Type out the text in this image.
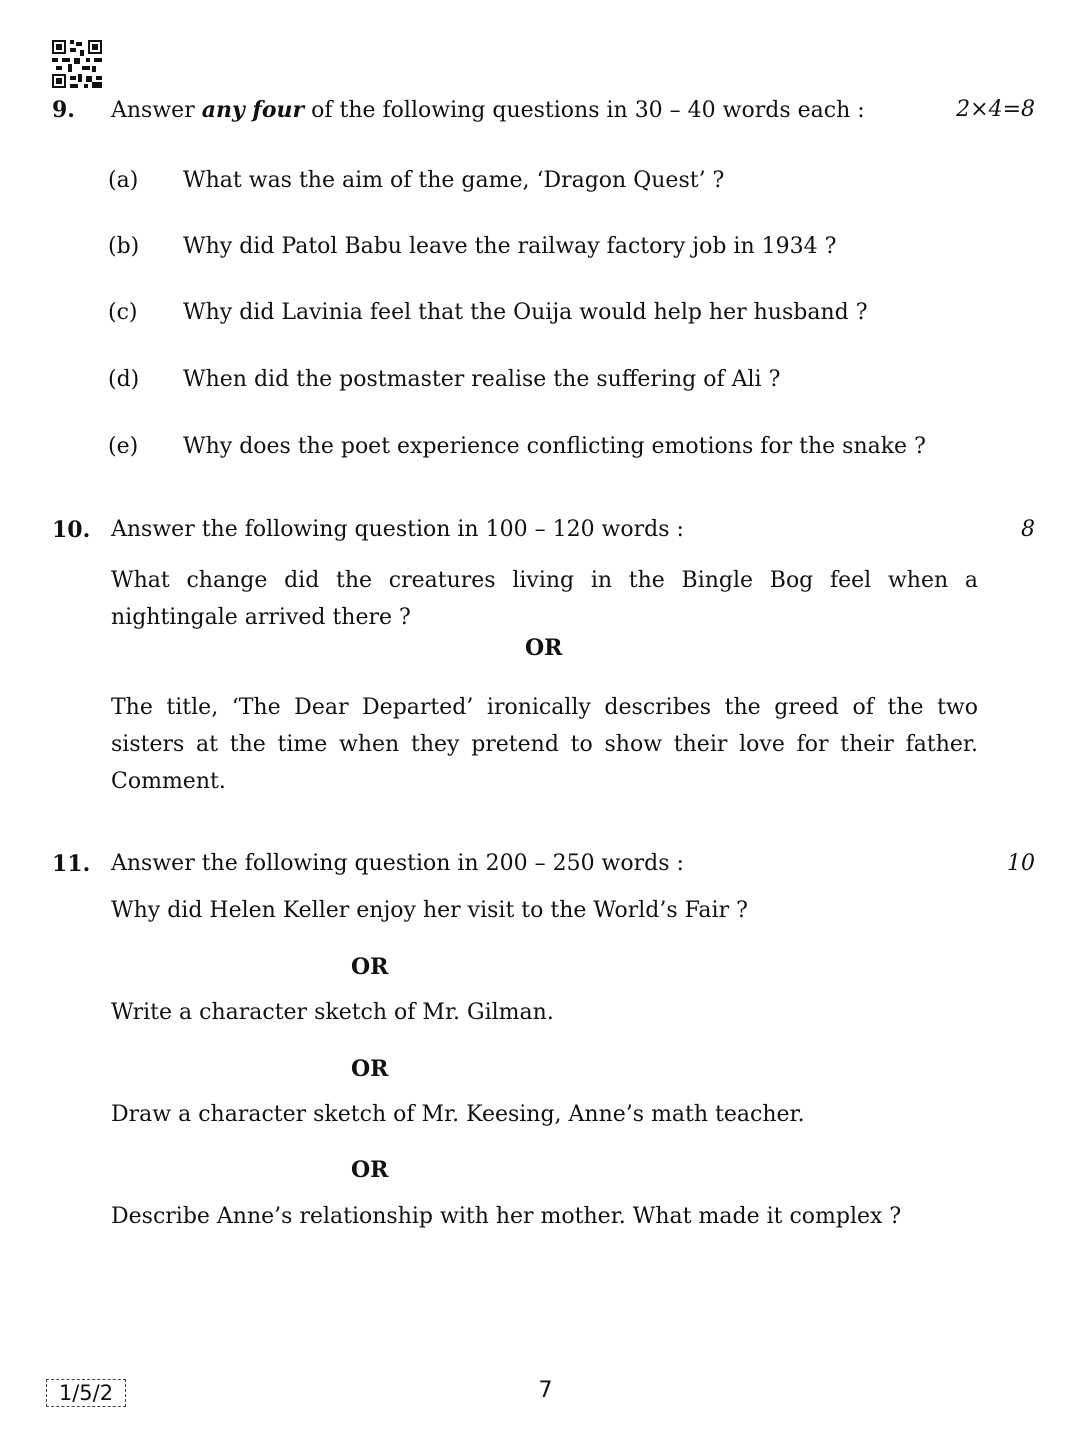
9. Answer any four of the following questions in 30 – 40 words each :	2×4=8
(a) What was the aim of the game, ‘Dragon Quest’ ?
(b) Why did Patol Babu leave the railway factory job in 1934 ?
(c) Why did Lavinia feel that the Ouija would help her husband ?
(d) When did the postmaster realise the suffering of Ali ?
(e) Why does the poet experience conflicting emotions for the snake ?
10. Answer the following question in 100 – 120 words :	8
What change did the creatures living in the Bingle Bog feel when a nightingale arrived there ?
OR
The title, ‘The Dear Departed’ ironically describes the greed of the two sisters at the time when they pretend to show their love for their father. Comment.
11. Answer the following question in 200 – 250 words :	10
Why did Helen Keller enjoy her visit to the World’s Fair ?
OR
Write a character sketch of Mr. Gilman.
OR
Draw a character sketch of Mr. Keesing, Anne’s math teacher.
OR
Describe Anne’s relationship with her mother. What made it complex ?
1/5/2	7
